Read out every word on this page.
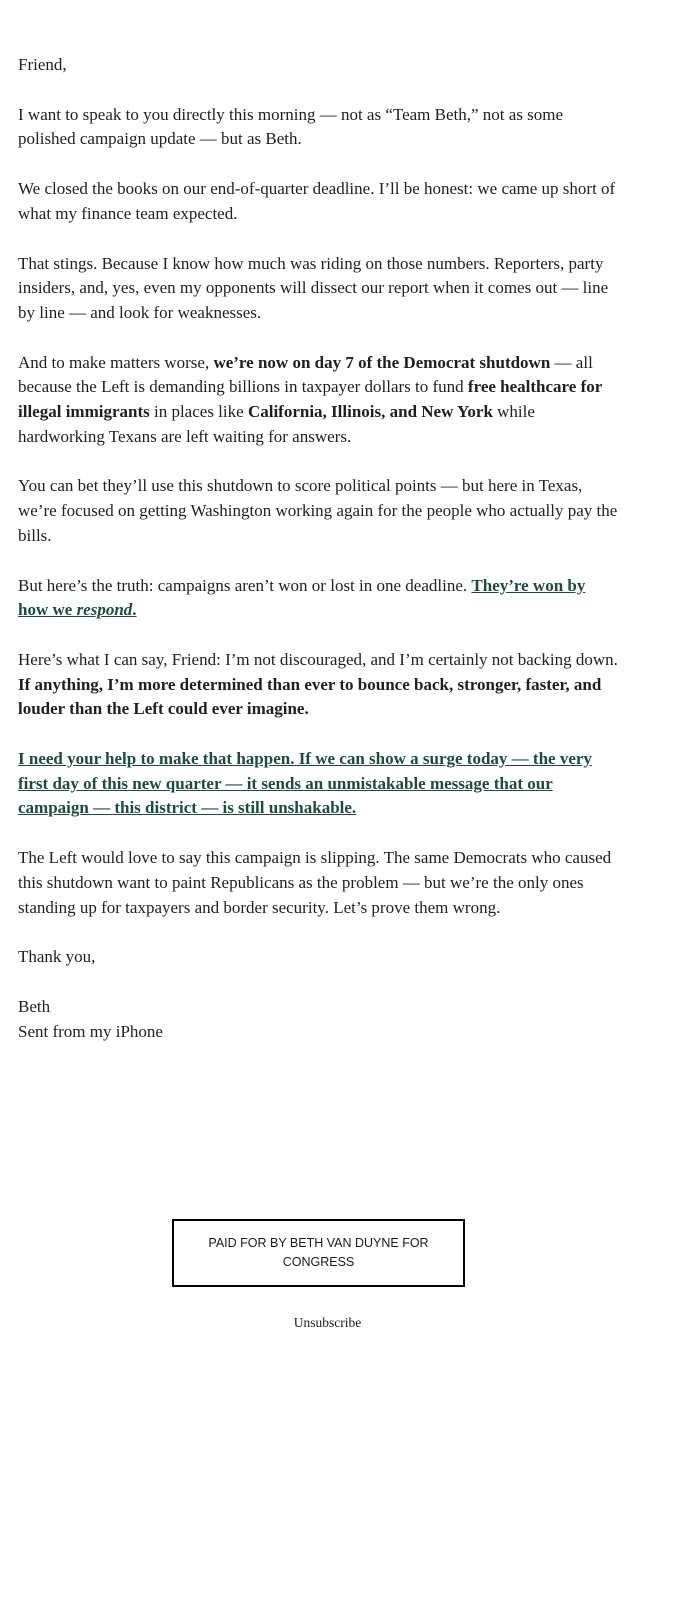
Friend,

I want to speak to you directly this morning — not as “Team Beth,” not as some polished campaign update — but as Beth.

We closed the books on our end-of-quarter deadline. I’ll be honest: we came up short of what my finance team expected.

That stings. Because I know how much was riding on those numbers. Reporters, party insiders, and, yes, even my opponents will dissect our report when it comes out — line by line — and look for weaknesses.

And to make matters worse, we’re now on day 7 of the Democrat shutdown — all because the Left is demanding billions in taxpayer dollars to fund free healthcare for illegal immigrants in places like California, Illinois, and New York while hardworking Texans are left waiting for answers.

You can bet they’ll use this shutdown to score political points — but here in Texas, we’re focused on getting Washington working again for the people who actually pay the bills.

But here’s the truth: campaigns aren’t won or lost in one deadline. They’re won by how we respond.

Here’s what I can say, Friend: I’m not discouraged, and I’m certainly not backing down. If anything, I’m more determined than ever to bounce back, stronger, faster, and louder than the Left could ever imagine.

I need your help to make that happen. If we can show a surge today — the very first day of this new quarter — it sends an unmistakable message that our campaign — this district — is still unshakable.

The Left would love to say this campaign is slipping. The same Democrats who caused this shutdown want to paint Republicans as the problem — but we’re the only ones standing up for taxpayers and border security. Let’s prove them wrong.

Thank you,

Beth
Sent from my iPhone

PAID FOR BY BETH VAN DUYNE FOR CONGRESS
Unsubscribe
